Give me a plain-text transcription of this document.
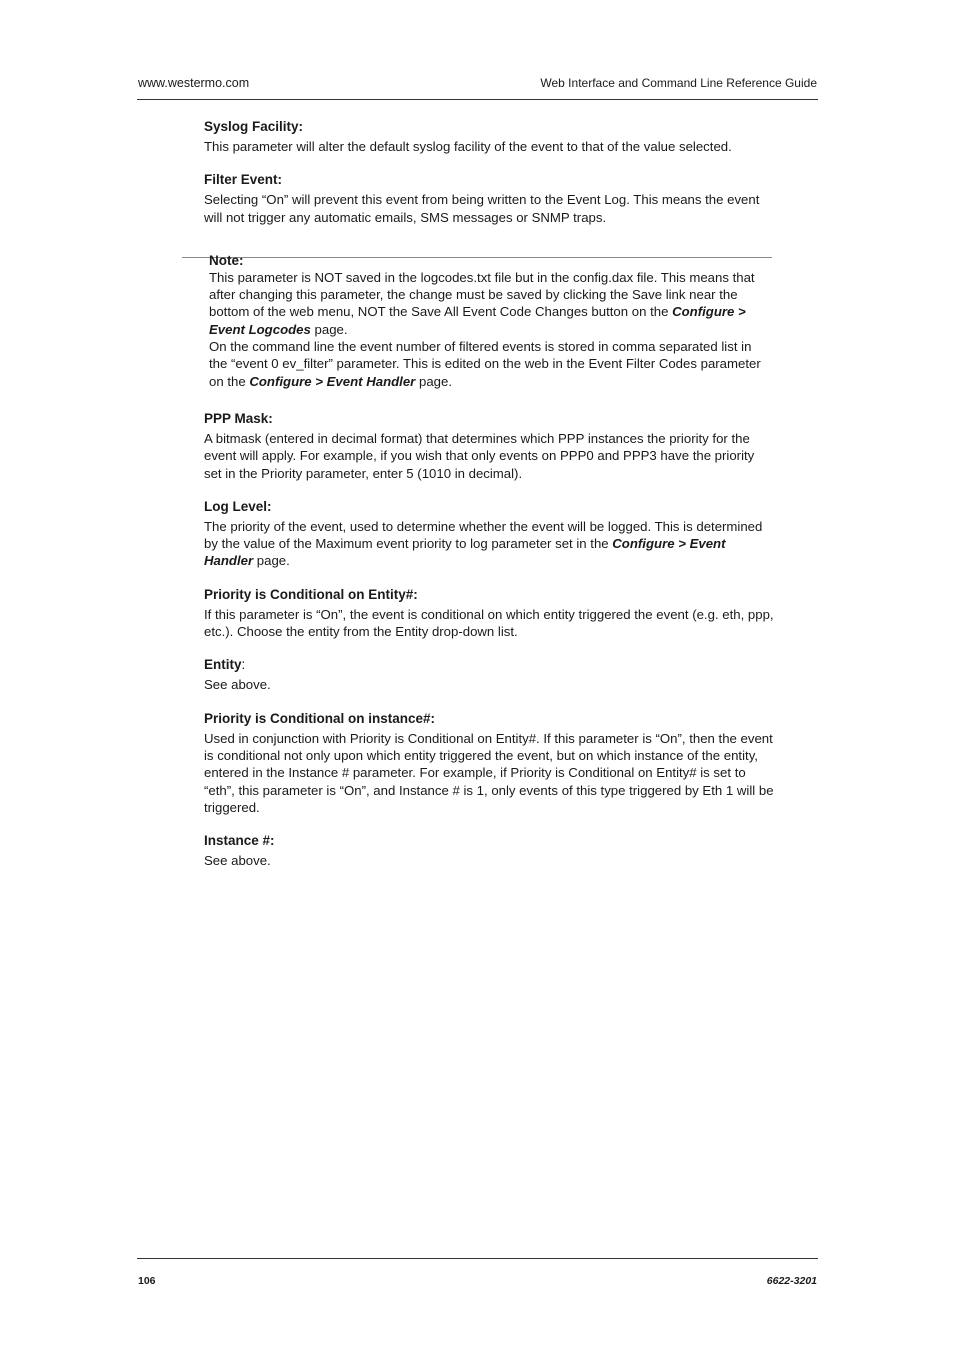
www.westermo.com	Web Interface and Command Line Reference Guide
Syslog Facility:

This parameter will alter the default syslog facility of the event to that of the value selected.

Filter Event:

Selecting “On” will prevent this event from being written to the Event Log. This means the event will not trigger any automatic emails, SMS messages or SNMP traps.

Note:

This parameter is NOT saved in the logcodes.txt file but in the config.dax file. This means that after changing this parameter, the change must be saved by clicking the Save link near the bottom of the web menu, NOT the Save All Event Code Changes button on the Configure > Event Logcodes page.

On the command line the event number of filtered events is stored in comma separated list in the “event 0 ev_filter” parameter. This is edited on the web in the Event Filter Codes parameter on the Configure > Event Handler page.

PPP Mask:

A bitmask (entered in decimal format) that determines which PPP instances the priority for the event will apply. For example, if you wish that only events on PPP0 and PPP3 have the priority set in the Priority parameter, enter 5 (1010 in decimal).

Log Level:

The priority of the event, used to determine whether the event will be logged. This is determined by the value of the Maximum event priority to log parameter set in the Configure > Event Handler page.

Priority is Conditional on Entity#:

If this parameter is “On”, the event is conditional on which entity triggered the event (e.g. eth, ppp, etc.). Choose the entity from the Entity drop-down list.

Entity:

See above.

Priority is Conditional on instance#:

Used in conjunction with Priority is Conditional on Entity#. If this parameter is “On”, then the event is conditional not only upon which entity triggered the event, but on which instance of the entity, entered in the Instance # parameter. For example, if Priority is Conditional on Entity# is set to “eth”, this parameter is “On”, and Instance # is 1, only events of this type triggered by Eth 1 will be triggered.

Instance #:

See above.

106	6622-3201
